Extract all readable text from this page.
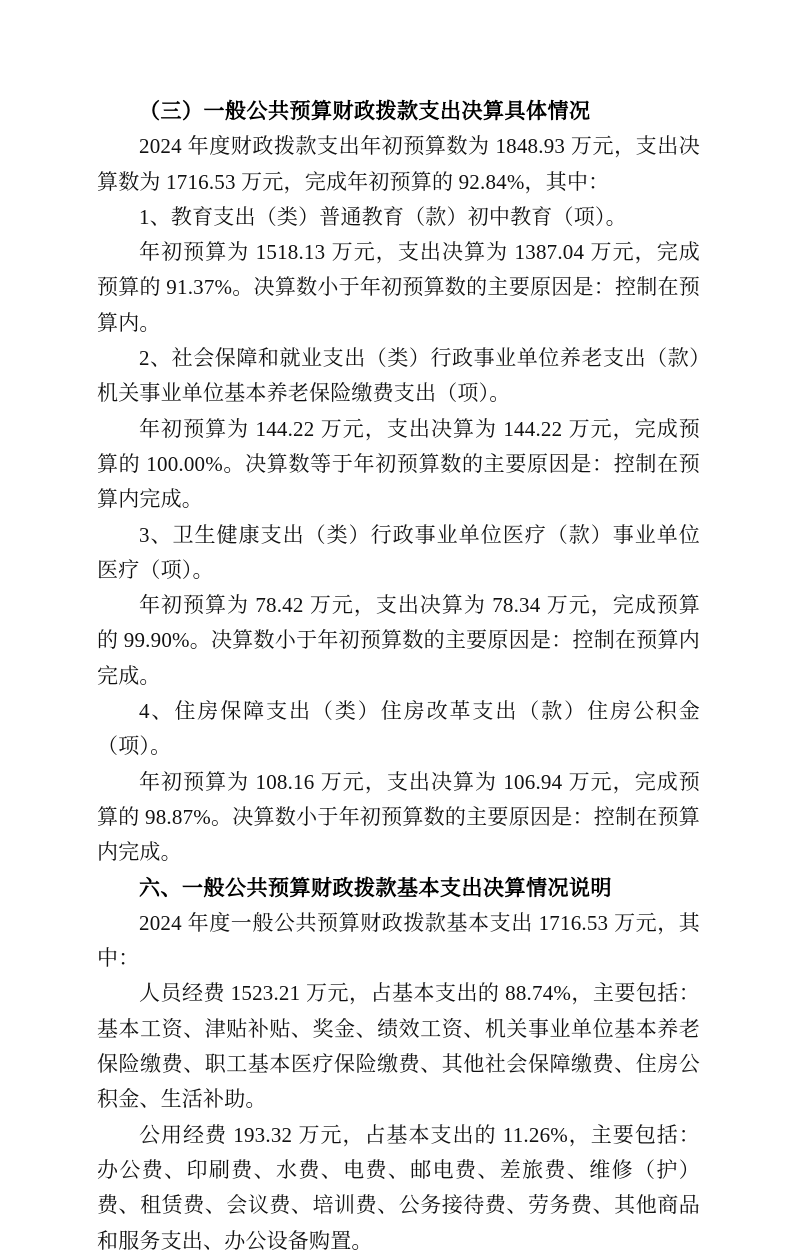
（三）一般公共预算财政拨款支出决算具体情况

2024 年度财政拨款支出年初预算数为 1848.93 万元，支出决算数为 1716.53 万元，完成年初预算的 92.84%，其中：

1、教育支出（类）普通教育（款）初中教育（项）。

年初预算为 1518.13 万元，支出决算为 1387.04 万元，完成预算的 91.37%。决算数小于年初预算数的主要原因是：控制在预算内。

2、社会保障和就业支出（类）行政事业单位养老支出（款）机关事业单位基本养老保险缴费支出（项）。

年初预算为 144.22 万元，支出决算为 144.22 万元，完成预算的 100.00%。决算数等于年初预算数的主要原因是：控制在预算内完成。

3、卫生健康支出（类）行政事业单位医疗（款）事业单位医疗（项）。

年初预算为 78.42 万元，支出决算为 78.34 万元，完成预算的 99.90%。决算数小于年初预算数的主要原因是：控制在预算内完成。

4、住房保障支出（类）住房改革支出（款）住房公积金（项）。

年初预算为 108.16 万元，支出决算为 106.94 万元，完成预算的 98.87%。决算数小于年初预算数的主要原因是：控制在预算内完成。

六、一般公共预算财政拨款基本支出决算情况说明

2024 年度一般公共预算财政拨款基本支出 1716.53 万元，其中：

人员经费 1523.21 万元，占基本支出的 88.74%，主要包括：基本工资、津贴补贴、奖金、绩效工资、机关事业单位基本养老保险缴费、职工基本医疗保险缴费、其他社会保障缴费、住房公积金、生活补助。

公用经费 193.32 万元，占基本支出的 11.26%，主要包括：办公费、印刷费、水费、电费、邮电费、差旅费、维修（护）费、租赁费、会议费、培训费、公务接待费、劳务费、其他商品和服务支出、办公设备购置。
